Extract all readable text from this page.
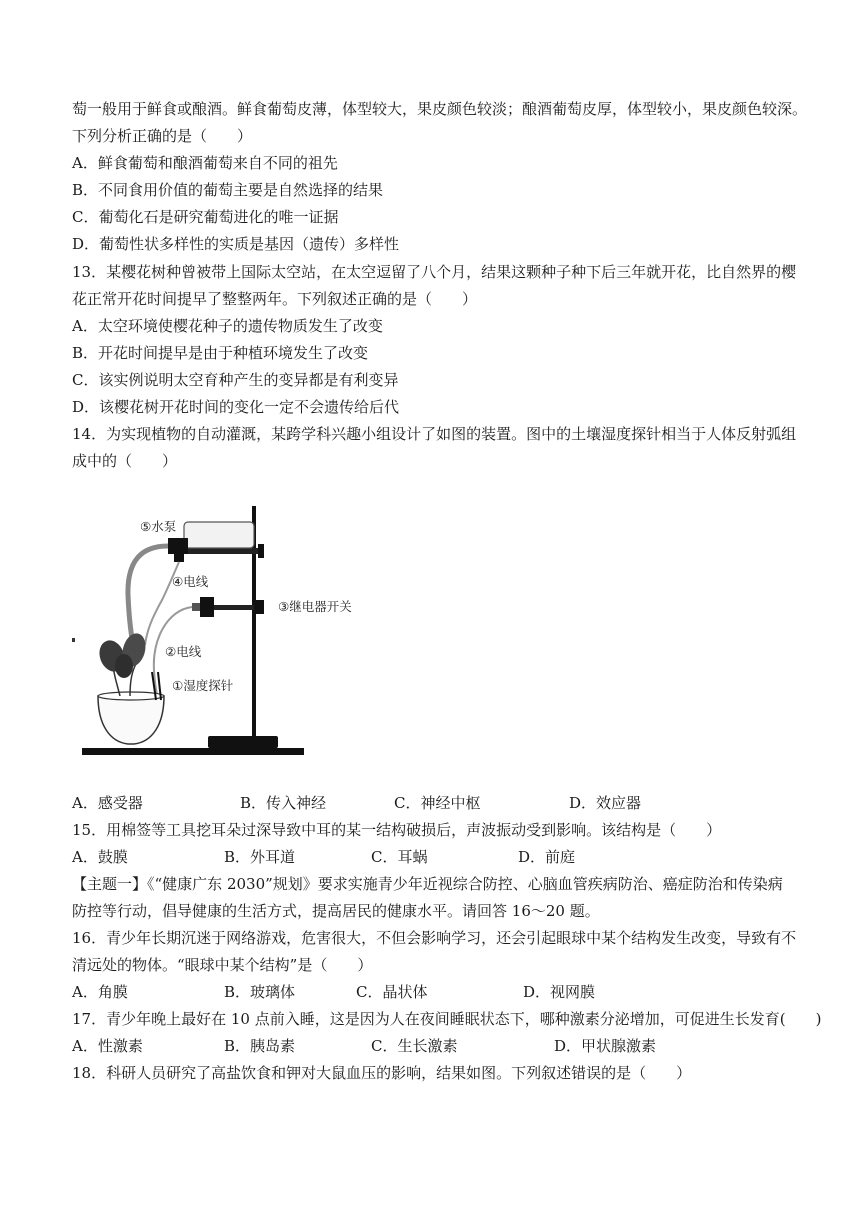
萄一般用于鲜食或酿酒。鲜食葡萄皮薄，体型较大，果皮颜色较淡；酿酒葡萄皮厚，体型较小，果皮颜色较深。
下列分析正确的是（　　）
A．鲜食葡萄和酿酒葡萄来自不同的祖先
B．不同食用价值的葡萄主要是自然选择的结果
C．葡萄化石是研究葡萄进化的唯一证据
D．葡萄性状多样性的实质是基因（遗传）多样性
13．某樱花树种曾被带上国际太空站，在太空逗留了八个月，结果这颗种子种下后三年就开花，比自然界的樱
花正常开花时间提早了整整两年。下列叙述正确的是（　　）
A．太空环境使樱花种子的遗传物质发生了改变
B．开花时间提早是由于种植环境发生了改变
C．该实例说明太空育种产生的变异都是有利变异
D．该樱花树开花时间的变化一定不会遗传给后代
14．为实现植物的自动灌溉，某跨学科兴趣小组设计了如图的装置。图中的土壤湿度探针相当于人体反射弧组
成中的（　　）
⑤水泵
④电线
③继电器开关
②电线
①湿度探针
A．感受器	B．传入神经	C．神经中枢	D．效应器
15．用棉签等工具挖耳朵过深导致中耳的某一结构破损后，声波振动受到影响。该结构是（　　）
A．鼓膜	B．外耳道	C．耳蜗	D．前庭
【主题一】《“健康广东 2030”规划》要求实施青少年近视综合防控、心脑血管疾病防治、癌症防治和传染病
防控等行动，倡导健康的生活方式，提高居民的健康水平。请回答 16～20 题。
16．青少年长期沉迷于网络游戏，危害很大，不但会影响学习，还会引起眼球中某个结构发生改变，导致有不
清远处的物体。“眼球中某个结构”是（　　）
A．角膜	B．玻璃体	C．晶状体	D．视网膜
17．青少年晚上最好在 10 点前入睡，这是因为人在夜间睡眠状态下，哪种激素分泌增加，可促进生长发育(　　)
A．性激素	B．胰岛素	C．生长激素	D．甲状腺激素
18．科研人员研究了高盐饮食和钾对大鼠血压的影响，结果如图。下列叙述错误的是（　　）
